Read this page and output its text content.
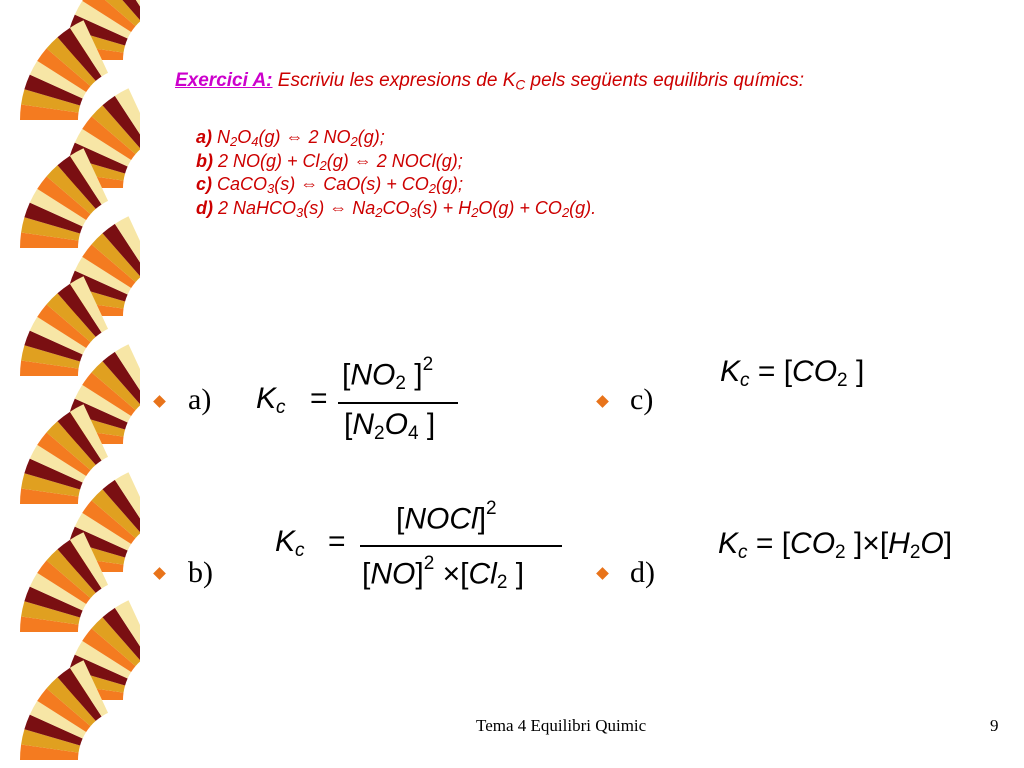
Exercici A: Escriviu les expresions de $K_C$ pels següents equilibris químics:
a) $N_2O_4(g)$ ⇔ 2 $NO_2(g)$;
b) 2 $NO(g) + Cl_2(g)$ ⇔ 2 NOCl(g);
c) CaCO$_3$(s) ⇔ $CaO(s) + CO_2(g)$;
d) 2 NaHCO$_3$(s) ⇔ $Na_2CO_3(s) + H_2O(g) + CO_2(g)$.
a) $K_c$ =
[$NO_2$ ]$^2$
[$N_2O_4$ ]
b)
$K_c$ =
[NOCl]$^2$
$[NO]^2 \times[Cl_2$ ]
c)
$K_c = [CO_2$ ]
d)
$K_c = [CO_2$ ]$\times[H_2O]$
Tema 4 Equilibri Quimic	9
